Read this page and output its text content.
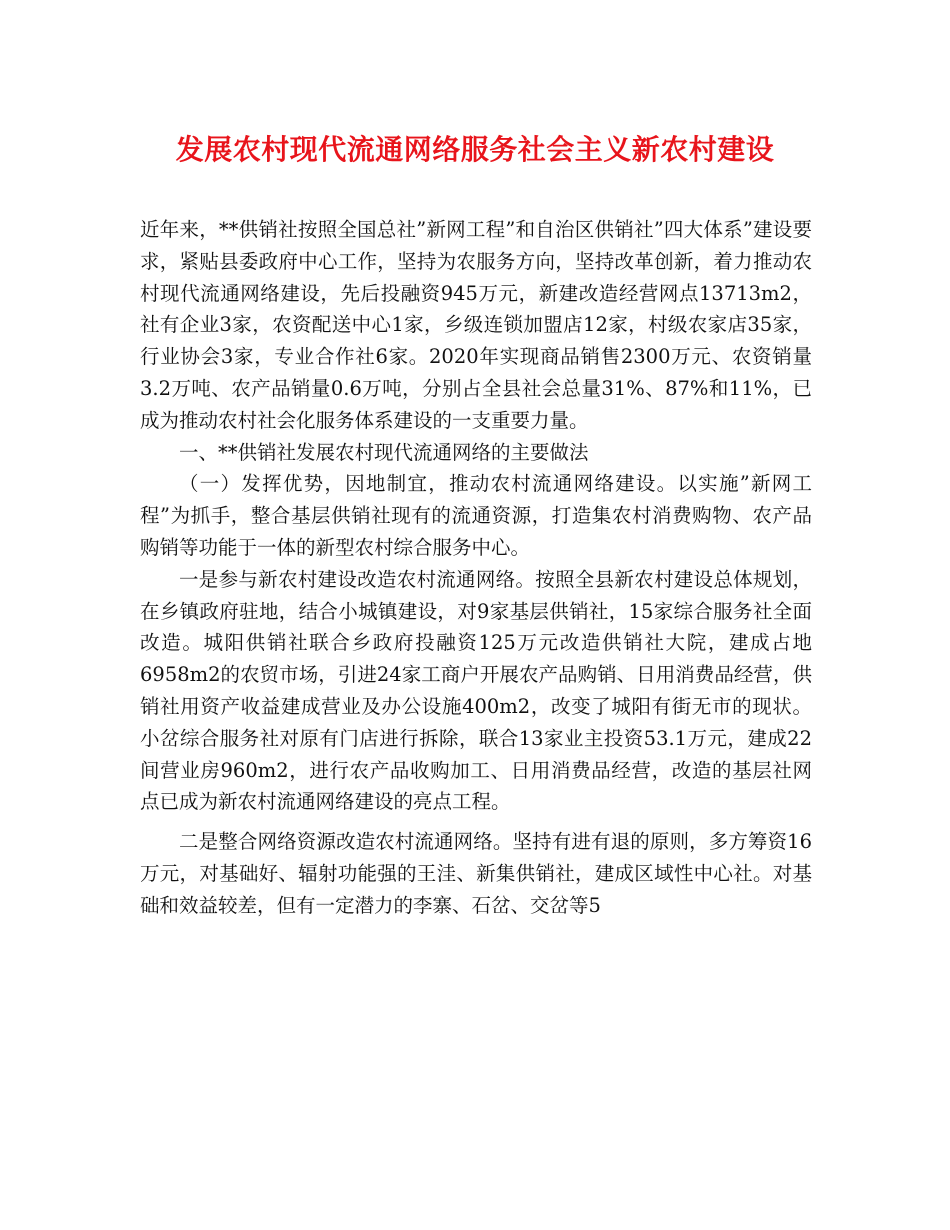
发展农村现代流通网络服务社会主义新农村建设

近年来，**供销社按照全国总社”新网工程”和自治区供销社”四大体系”建设要求，紧贴县委政府中心工作，坚持为农服务方向，坚持改革创新，着力推动农村现代流通网络建设，先后投融资945万元，新建改造经营网点13713m2，社有企业3家，农资配送中心1家，乡级连锁加盟店12家，村级农家店35家，行业协会3家，专业合作社6家。2020年实现商品销售2300万元、农资销量3.2万吨、农产品销量0.6万吨，分别占全县社会总量31%、87%和11%，已成为推动农村社会化服务体系建设的一支重要力量。

一、**供销社发展农村现代流通网络的主要做法

（一）发挥优势，因地制宜，推动农村流通网络建设。以实施”新网工程”为抓手，整合基层供销社现有的流通资源，打造集农村消费购物、农产品购销等功能于一体的新型农村综合服务中心。

一是参与新农村建设改造农村流通网络。按照全县新农村建设总体规划，在乡镇政府驻地，结合小城镇建设，对9家基层供销社，15家综合服务社全面改造。城阳供销社联合乡政府投融资125万元改造供销社大院，建成占地6958m2的农贸市场，引进24家工商户开展农产品购销、日用消费品经营，供销社用资产收益建成营业及办公设施400m2，改变了城阳有街无市的现状。小岔综合服务社对原有门店进行拆除，联合13家业主投资53.1万元，建成22间营业房960m2，进行农产品收购加工、日用消费品经营，改造的基层社网点已成为新农村流通网络建设的亮点工程。

二是整合网络资源改造农村流通网络。坚持有进有退的原则，多方筹资16万元，对基础好、辐射功能强的王洼、新集供销社，建成区域性中心社。对基础和效益较差，但有一定潜力的李寨、石岔、交岔等5
